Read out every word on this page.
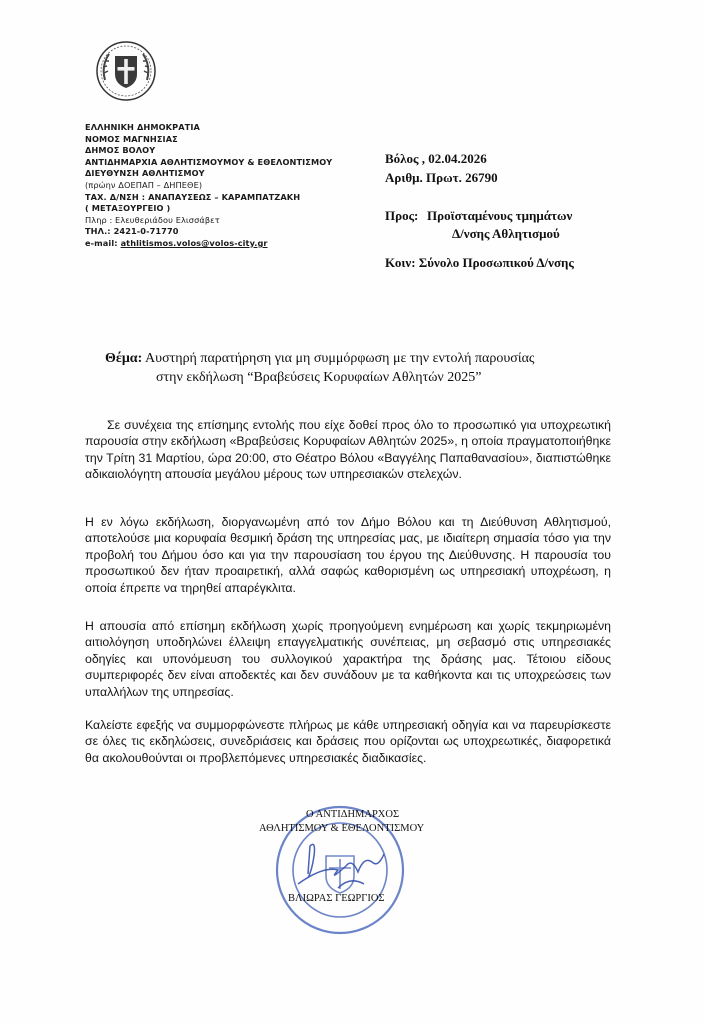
ΕΛΛΗΝΙΚΗ ΔΗΜΟΚΡΑΤΙΑ
ΝΟΜΟΣ ΜΑΓΝΗΣΙΑΣ
ΔΗΜΟΣ ΒΟΛΟΥ
ΑΝΤΙΔΗΜΑΡΧΙΑ ΑΘΛΗΤΙΣΜΟΥΜΟΥ & ΕΘΕΛΟΝΤΙΣΜΟΥ
ΔΙΕΥΘΥΝΣΗ ΑΘΛΗΤΙΣΜΟΥ
(πρώην ΔΟΕΠΑΠ – ΔΗΠΕΘΕ)
ΤΑΧ. Δ/ΝΣΗ : ΑΝΑΠΑΥΣΕΩΣ – ΚΑΡΑΜΠΑΤΖΑΚΗ
( ΜΕΤΑΞΟΥΡΓΕΙΟ )
Πληρ : Ελευθεριάδου Ελισσάβετ
ΤΗΛ.: 2421-0-71770
e-mail: athlitismos.volos@volos-city.gr
Βόλος , 02.04.2026
Αριθμ. Πρωτ. 26790
Προς: Προϊσταμένους τμημάτων
Δ/νσης Αθλητισμού
Κοιν: Σύνολο Προσωπικού Δ/νσης
Θέμα: Αυστηρή παρατήρηση για μη συμμόρφωση με την εντολή παρουσίας
στην εκδήλωση “Βραβεύσεις Κορυφαίων Αθλητών 2025”
Σε συνέχεια της επίσημης εντολής που είχε δοθεί προς όλο το προσωπικό για υποχρεωτική παρουσία στην εκδήλωση «Βραβεύσεις Κορυφαίων Αθλητών 2025», η οποία πραγματοποιήθηκε την Τρίτη 31 Μαρτίου, ώρα 20:00, στο Θέατρο Βόλου «Βαγγέλης Παπαθανασίου», διαπιστώθηκε αδικαιολόγητη απουσία μεγάλου μέρους των υπηρεσιακών στελεχών.
Η εν λόγω εκδήλωση, διοργανωμένη από τον Δήμο Βόλου και τη Διεύθυνση Αθλητισμού, αποτελούσε μια κορυφαία θεσμική δράση της υπηρεσίας μας, με ιδιαίτερη σημασία τόσο για την προβολή του Δήμου όσο και για την παρουσίαση του έργου της Διεύθυνσης. Η παρουσία του προσωπικού δεν ήταν προαιρετική, αλλά σαφώς καθορισμένη ως υπηρεσιακή υποχρέωση, η οποία έπρεπε να τηρηθεί απαρέγκλιτα.
Η απουσία από επίσημη εκδήλωση χωρίς προηγούμενη ενημέρωση και χωρίς τεκμηριωμένη αιτιολόγηση υποδηλώνει έλλειψη επαγγελματικής συνέπειας, μη σεβασμό στις υπηρεσιακές οδηγίες και υπονόμευση του συλλογικού χαρακτήρα της δράσης μας. Τέτοιου είδους συμπεριφορές δεν είναι αποδεκτές και δεν συνάδουν με τα καθήκοντα και τις υποχρεώσεις των υπαλλήλων της υπηρεσίας.
Καλείστε εφεξής να συμμορφώνεστε πλήρως με κάθε υπηρεσιακή οδηγία και να παρευρίσκεστε σε όλες τις εκδηλώσεις, συνεδριάσεις και δράσεις που ορίζονται ως υποχρεωτικές, διαφορετικά θα ακολουθούνται οι προβλεπόμενες υπηρεσιακές διαδικασίες.
Ο ΑΝΤΙΔΗΜΑΡΧΟΣ
ΑΘΛΗΤΙΣΜΟΥ & ΕΘΕΛΟΝΤΙΣΜΟΥ
ΒΛΙΩΡΑΣ ΓΕΩΡΓΙΟΣ
